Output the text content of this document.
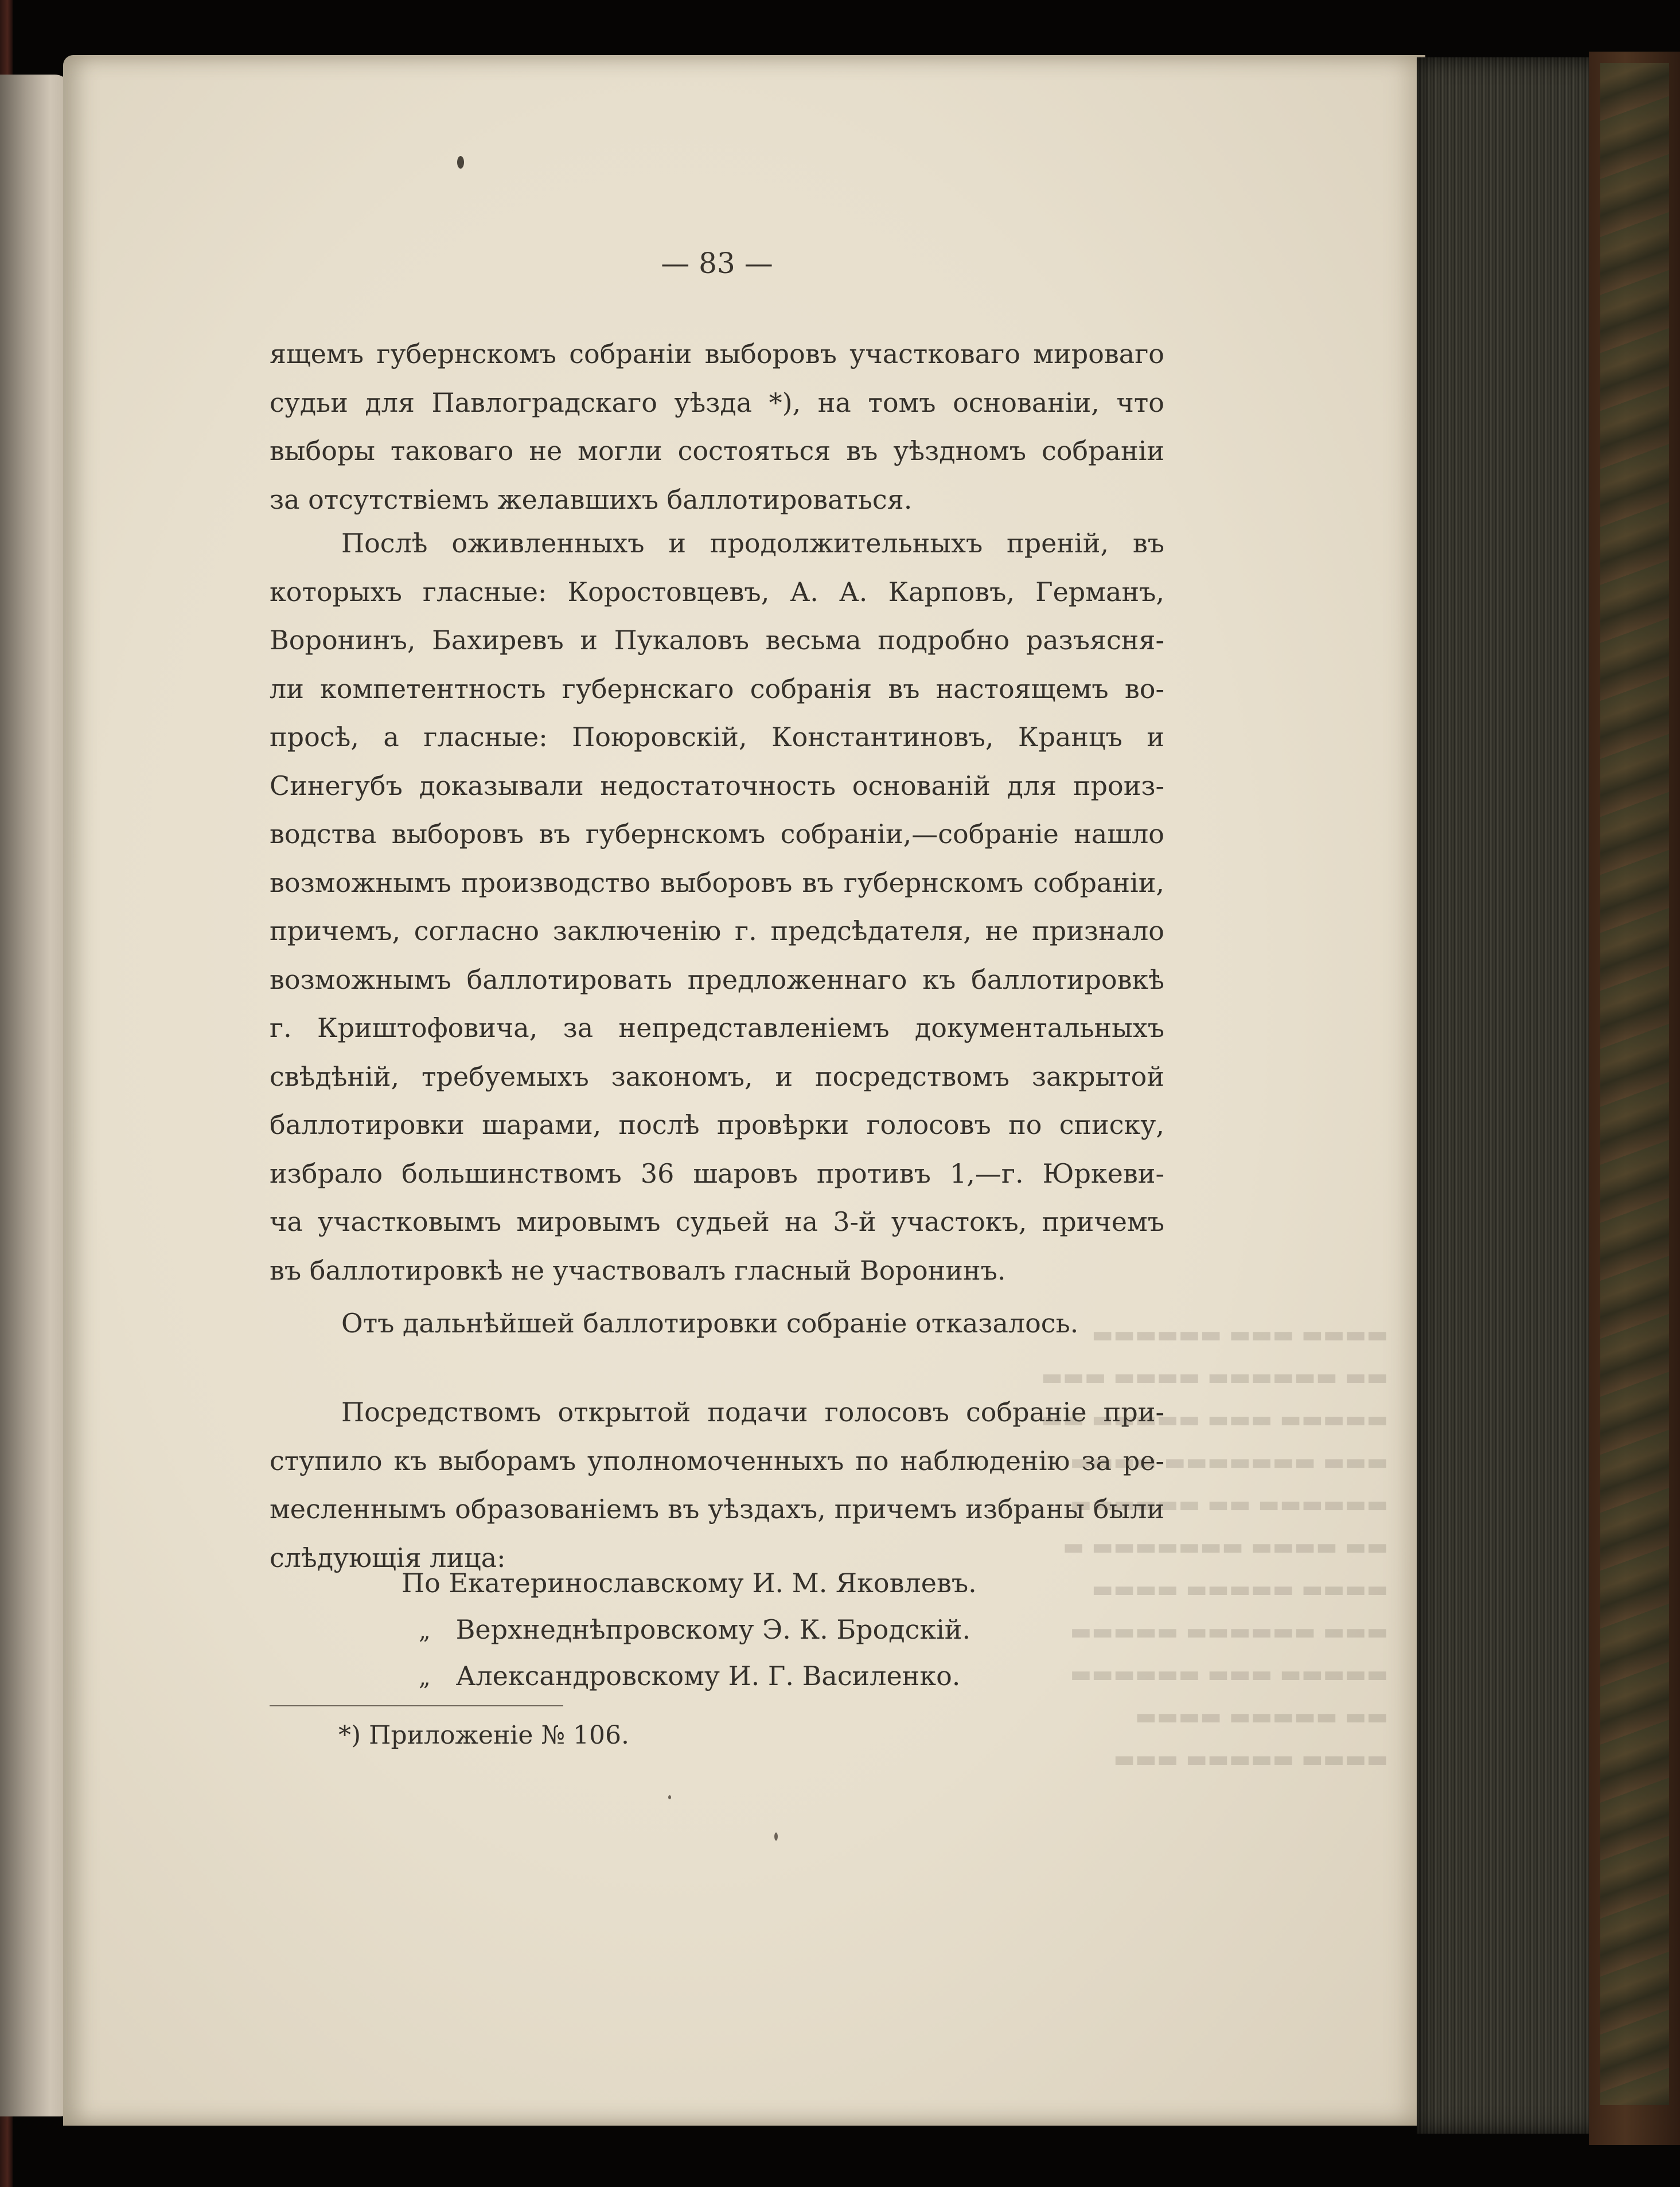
▬▬▬▬ ▬▬▬ ▬▬▬▬▬▬
▬▬ ▬▬▬▬▬▬ ▬▬▬▬ ▬▬▬
▬▬▬▬▬ ▬▬▬ ▬▬▬▬▬ ▬▬
▬▬▬ ▬▬▬▬▬▬▬ ▬▬▬▬
▬▬▬▬▬▬ ▬▬ ▬▬▬▬▬▬
▬▬ ▬▬▬▬ ▬▬▬▬▬▬▬ ▬
▬▬▬▬ ▬▬▬▬▬ ▬▬▬▬
▬▬▬ ▬▬▬▬▬▬ ▬▬▬▬▬
▬▬▬▬▬ ▬▬▬ ▬▬▬▬▬▬
▬▬ ▬▬▬▬▬ ▬▬▬▬
▬▬▬▬ ▬▬▬▬▬ ▬▬▬
— 83 —
ящемъ губернскомъ собраніи выборовъ участковаго мироваго
судьи для Павлоградскаго уѣзда *), на томъ основаніи, что
выборы таковаго не могли состояться въ уѣздномъ собраніи
за отсутствіемъ желавшихъ баллотироваться.
Послѣ оживленныхъ и продолжительныхъ преній, въ
которыхъ гласные: Коростовцевъ, А. А. Карповъ, Германъ,
Воронинъ, Бахиревъ и Пукаловъ весьма подробно разъясня-
ли компетентность губернскаго собранія въ настоящемъ во-
просѣ, а гласные: Поюровскій, Константиновъ, Кранцъ и
Синегубъ доказывали недостаточность основаній для произ-
водства выборовъ въ губернскомъ собраніи,—собраніе нашло
возможнымъ производство выборовъ въ губернскомъ собраніи,
причемъ, согласно заключенію г. предсѣдателя, не признало
возможнымъ баллотировать предложеннаго къ баллотировкѣ
г. Криштофовича, за непредставленіемъ документальныхъ
свѣдѣній, требуемыхъ закономъ, и посредствомъ закрытой
баллотировки шарами, послѣ провѣрки голосовъ по списку,
избрало большинствомъ 36 шаровъ противъ 1,—г. Юркеви-
ча участковымъ мировымъ судьей на 3-й участокъ, причемъ
въ баллотировкѣ не участвовалъ гласный Воронинъ.
Отъ дальнѣйшей баллотировки собраніе отказалось.
Посредствомъ открытой подачи голосовъ собраніе при-
ступило къ выборамъ уполномоченныхъ по наблюденію за ре-
месленнымъ образованіемъ въ уѣздахъ, причемъ избраны были
слѣдующія лица:
По Екатеринославскому И. М. Яковлевъ.
„ Верхнеднѣпровскому Э. К. Бродскій.
„ Александровскому И. Г. Василенко.
*) Приложеніе № 106.
